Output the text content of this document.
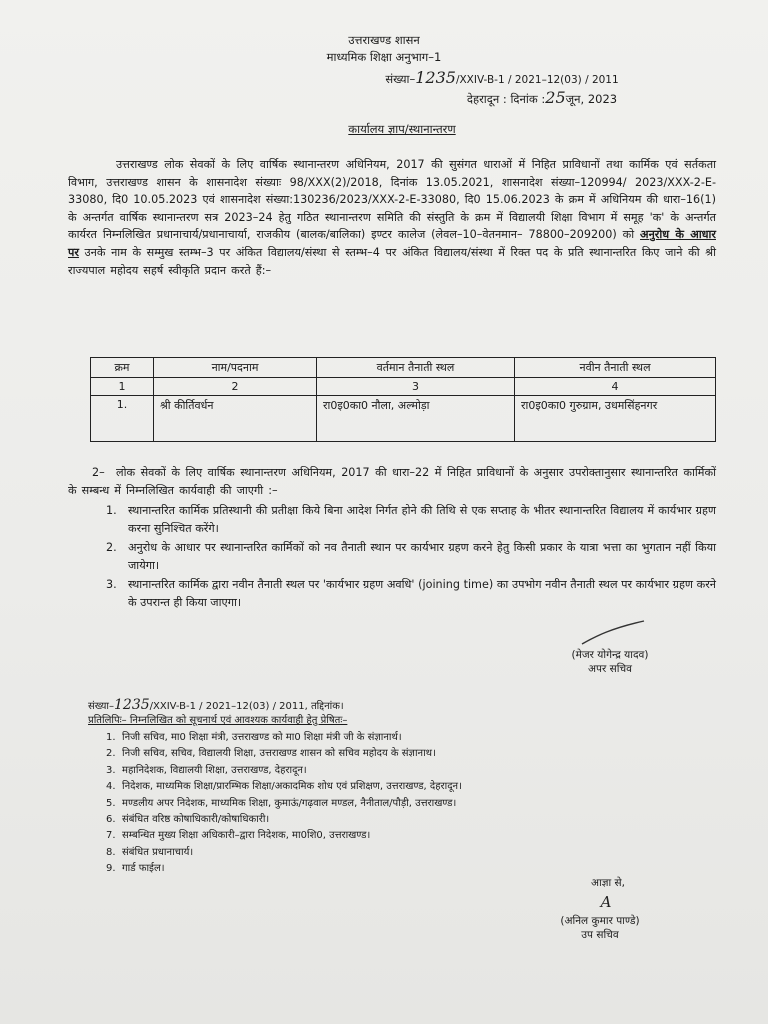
उत्तराखण्ड शासन
माध्यमिक शिक्षा अनुभाग–1
संख्या–1235/XXIV-B-1 / 2021–12(03) / 2011
देहरादून : दिनांक :25जून, 2023
कार्यालय ज्ञाप/स्थानान्तरण
उत्तराखण्ड लोक सेवकों के लिए वार्षिक स्थानान्तरण अधिनियम, 2017 की सुसंगत धाराओं में निहित प्राविधानों तथा कार्मिक एवं सर्तकता विभाग, उत्तराखण्ड शासन के शासनादेश संख्याः 98/XXX(2)/2018, दिनांक 13.05.2021, शासनादेश संख्या–120994/ 2023/XXX-2-E-33080, दि0 10.05.2023 एवं शासनादेश संख्या:130236/2023/XXX-2-E-33080, दि0 15.06.2023 के क्रम में अधिनियम की धारा–16(1) के अन्तर्गत वार्षिक स्थानान्तरण सत्र 2023–24 हेतु गठित स्थानान्तरण समिति की संस्तुति के क्रम में विद्यालयी शिक्षा विभाग में समूह 'क' के अन्तर्गत कार्यरत निम्नलिखित प्रधानाचार्य/प्रधानाचार्या, राजकीय (बालक/बालिका) इण्टर कालेज (लेवल–10–वेतनमान– 78800–209200) को अनुरोध के आधार पर उनके नाम के सम्मुख स्तम्भ–3 पर अंकित विद्यालय/संस्था से स्तम्भ–4 पर अंकित विद्यालय/संस्था में रिक्त पद के प्रति स्थानान्तरित किए जाने की श्री राज्यपाल महोदय सहर्ष स्वीकृति प्रदान करते हैं:–
क्रम	नाम/पदनाम	वर्तमान तैनाती स्थल	नवीन तैनाती स्थल
1	2	3	4
1.	श्री कीर्तिवर्धन	रा0इ0का0 नौला, अल्मोड़ा	रा0इ0का0 गुरुग्राम, उधमसिंहनगर
2– लोक सेवकों के लिए वार्षिक स्थानान्तरण अधिनियम, 2017 की धारा–22 में निहित प्राविधानों के अनुसार उपरोक्तानुसार स्थानान्तरित कार्मिकों के सम्बन्ध में निम्नलिखित कार्यवाही की जाएगी :–
1. स्थानान्तरित कार्मिक प्रतिस्थानी की प्रतीक्षा किये बिना आदेश निर्गत होने की तिथि से एक सप्ताह के भीतर स्थानान्तरित विद्यालय में कार्यभार ग्रहण करना सुनिश्चित करेंगे।
2. अनुरोध के आधार पर स्थानान्तरित कार्मिकों को नव तैनाती स्थान पर कार्यभार ग्रहण करने हेतु किसी प्रकार के यात्रा भत्ता का भुगतान नहीं किया जायेगा।
3. स्थानान्तरित कार्मिक द्वारा नवीन तैनाती स्थल पर 'कार्यभार ग्रहण अवधि' (joining time) का उपभोग नवीन तैनाती स्थल पर कार्यभार ग्रहण करने के उपरान्त ही किया जाएगा।
(मेजर योगेन्द्र यादव)
अपर सचिव
संख्या–1235/XXIV-B-1 / 2021–12(03) / 2011, तद्दिनांक।
प्रतिलिपिः– निम्नलिखित को सूचनार्थ एवं आवश्यक कार्यवाही हेतु प्रेषितः–
1. निजी सचिव, मा0 शिक्षा मंत्री, उत्तराखण्ड को मा0 शिक्षा मंत्री जी के संज्ञानार्थ।
2. निजी सचिव, सचिव, विद्यालयी शिक्षा, उत्तराखण्ड शासन को सचिव महोदय के संज्ञानाथ।
3. महानिदेशक, विद्यालयी शिक्षा, उत्तराखण्ड, देहरादून।
4. निदेशक, माध्यमिक शिक्षा/प्रारम्भिक शिक्षा/अकादमिक शोध एवं प्रशिक्षण, उत्तराखण्ड, देहरादून।
5. मण्डलीय अपर निदेशक, माध्यमिक शिक्षा, कुमाऊं/गढ़वाल मण्डल, नैनीताल/पौड़ी, उत्तराखण्ड।
6. संबंधित वरिष्ठ कोषाधिकारी/कोषाधिकारी।
7. सम्बन्धित मुख्य शिक्षा अधिकारी–द्वारा निदेशक, मा0शि0, उत्तराखण्ड।
8. संबंधित प्रधानाचार्य।
9. गार्ड फाईल।
आज्ञा से,
A
(अनिल कुमार पाण्डे)
उप सचिव
